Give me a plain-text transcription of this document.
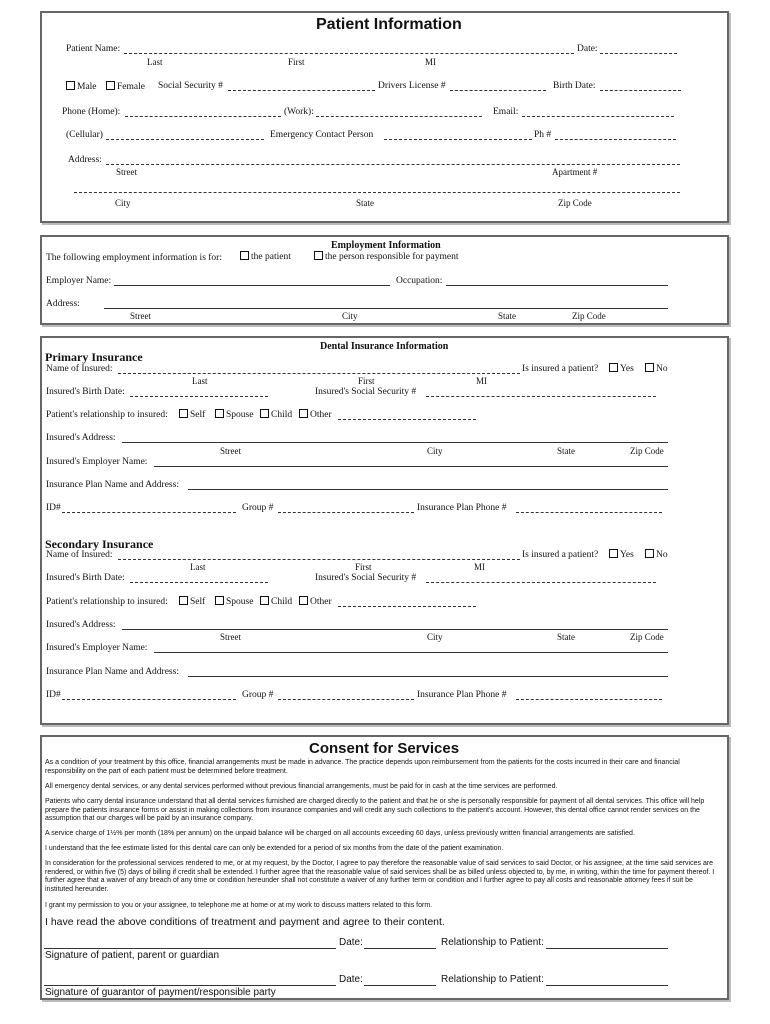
Patient Information
Patient Name:	Date:
Last	First	MI
Male	Female Social Security #	Drivers License #	Birth Date:
Phone (Home):	(Work):	Email:
(Cellular)	Emergency Contact Person	Ph #
Address:
Street	Apartment #
City	State	Zip Code
Employment Information
The following employment information is for:	the patient	the person responsible for payment
Employer Name:	Occupation:
Address:
Street	City	State	Zip Code
Dental Insurance Information
Primary Insurance
Name of Insured:	Is insured a patient?	Yes	No
Last	First	MI
Insured's Birth Date:	Insured's Social Security #
Patient's relationship to insured:	Self	Spouse	Child	Other
Insured's Address:
Street	City	State	Zip Code
Insured's Employer Name:
Insurance Plan Name and Address:
ID#	Group #	Insurance Plan Phone #
Secondary Insurance
Name of Insured:	Is insured a patient?	Yes	No
Last	First	MI
Insured's Birth Date:	Insured's Social Security #
Patient's relationship to insured:	Self	Spouse	Child	Other
Insured's Address:
Street	City	State	Zip Code
Insured's Employer Name:
Insurance Plan Name and Address:
ID#	Group #	Insurance Plan Phone #
Consent for Services
As a condition of your treatment by this office, financial arrangements must be made in advance. The practice depends upon reimbursement from the patients for the costs incurred in their care and financial responsibility on the part of each patient must be determined before treatment.
All emergency dental services, or any dental services performed without previous financial arrangements, must be paid for in cash at the time services are performed.
Patients who carry dental insurance understand that all dental services furnished are charged directly to the patient and that he or she is personally responsible for payment of all dental services. This office will help prepare the patients insurance forms or assist in making collections from insurance companies and will credit any such collections to the patient's account. However, this dental office cannot render services on the assumption that our charges will be paid by an insurance company.
A service charge of 1½% per month (18% per annum) on the unpaid balance will be charged on all accounts exceeding 60 days, unless previously written financial arrangements are satisfied.
I understand that the fee estimate listed for this dental care can only be extended for a period of six months from the date of the patient examination.
In consideration for the professional services rendered to me, or at my request, by the Doctor, I agree to pay therefore the reasonable value of said services to said Doctor, or his assignee, at the time said services are rendered, or within five (5) days of billing if credit shall be extended. I further agree that the reasonable value of said services shall be as billed unless objected to, by me, in writing, within the time for payment thereof. I further agree that a waiver of any breach of any time or condition hereunder shall not constitute a waiver of any further term or condition and I further agree to pay all costs and reasonable attorney fees if suit be instituted hereunder.
I grant my permission to you or your assignee, to telephone me at home or at my work to discuss matters related to this form.
I have read the above conditions of treatment and payment and agree to their content.
Date:	Relationship to Patient:
Signature of patient, parent or guardian
Date:	Relationship to Patient:
Signature of guarantor of payment/responsible party
